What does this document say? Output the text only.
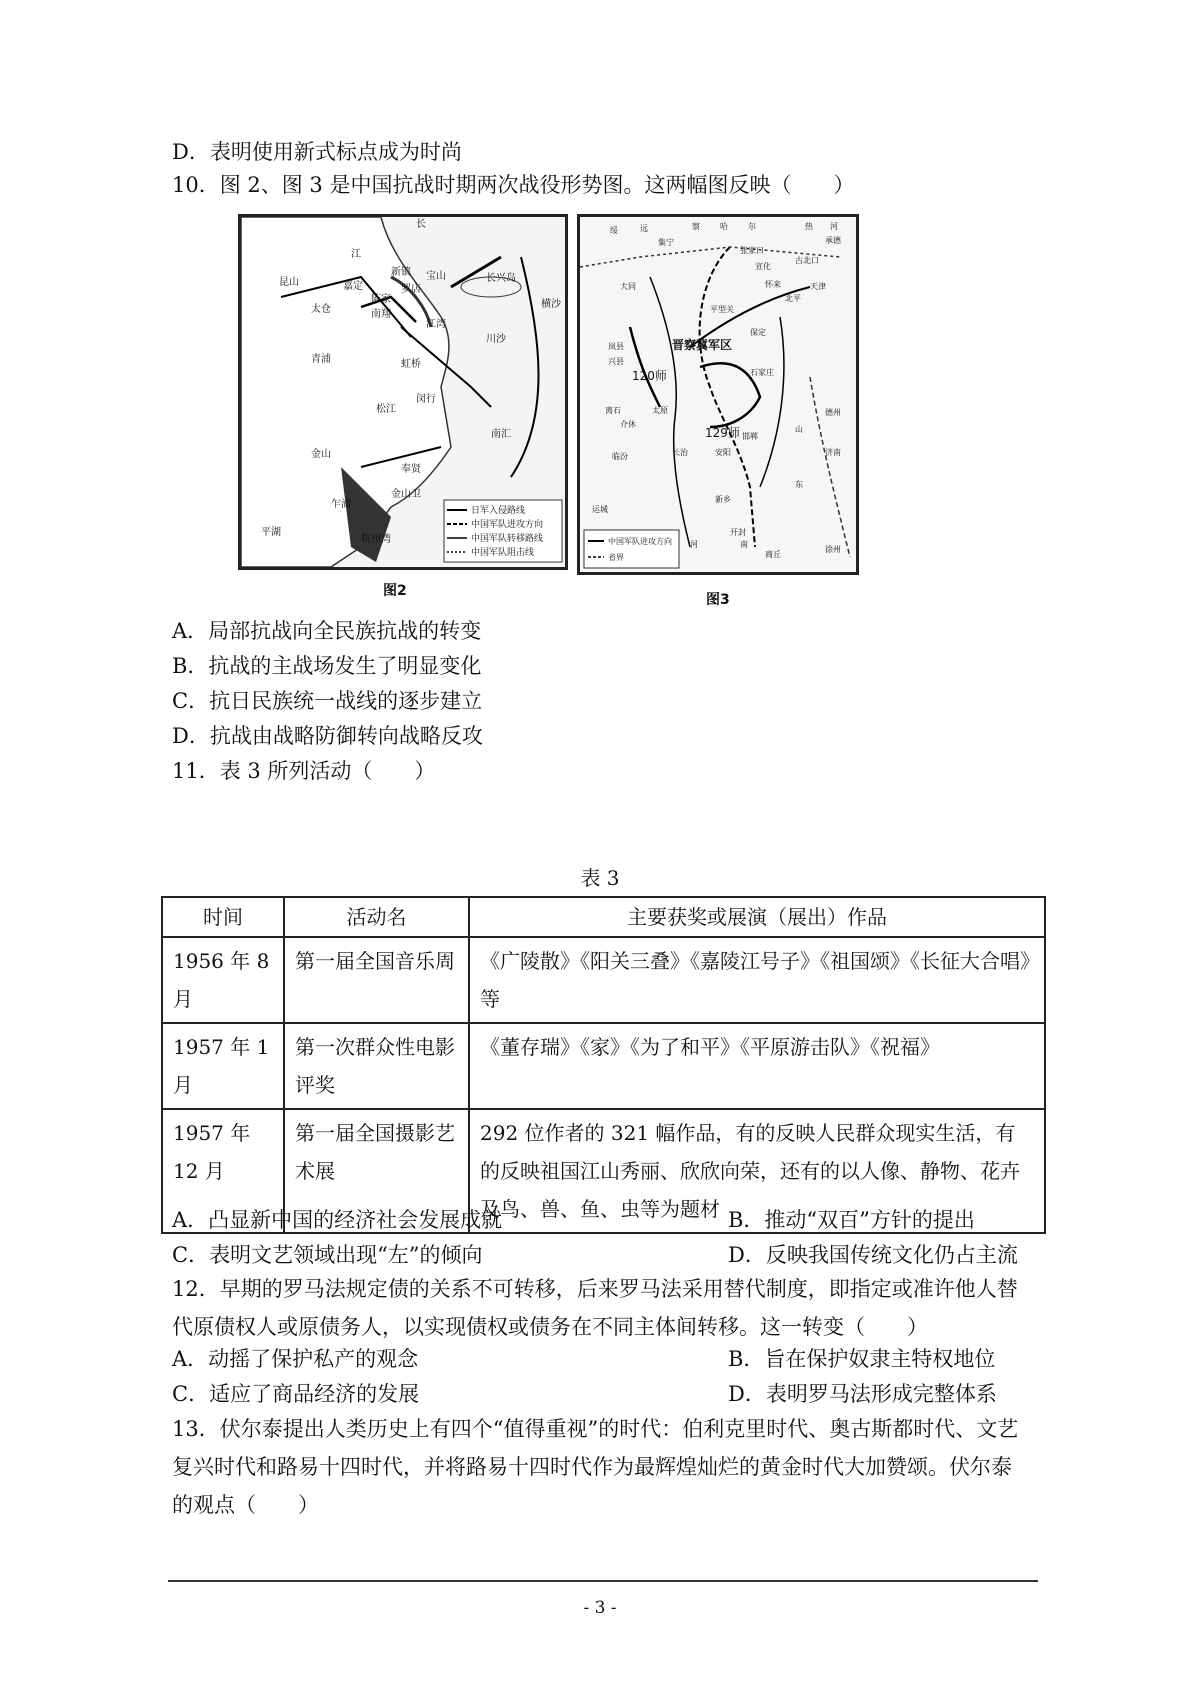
D．表明使用新式标点成为时尚
10．图 2、图 3 是中国抗战时期两次战役形势图。这两幅图反映（　　）
长
江
嘉定
新镇 宝山
昆山
陈家
罗店
太仓	南翔
长兴岛
横沙
江湾
川沙
青浦	虹桥
松江
闵行
南汇
金山
奉贤
平湖
杭州湾
乍浦
金山卫
日军入侵路线
中国军队进攻方向
中国军队转移路线
中国军队阻击线
图2
绥	远
集宁
察	哈	尔	热 河
承德
张家口
宣化
古北口
大同	怀来	天津
平型关
北平
保定
岚县
兴县
晋察冀军区
120师
129师
离石
介休
太原
石家庄
临汾	长治	安阳
邯郸
运城
新乡
开封
商丘
徐州
济南
德州
山
东
河	南
中国军队进攻方向
省界
图3
A．局部抗战向全民族抗战的转变
B．抗战的主战场发生了明显变化
C．抗日民族统一战线的逐步建立
D．抗战由战略防御转向战略反攻
11．表 3 所列活动（　　）
表 3
时间	活动名	主要获奖或展演（展出）作品
1956 年 8 月	第一届全国音乐周	《广陵散》《阳关三叠》《嘉陵江号子》《祖国颂》《长征大合唱》等
1957 年 1 月	第一次群众性电影评奖	《董存瑞》《家》《为了和平》《平原游击队》《祝福》
1957 年 12 月	第一届全国摄影艺术展	292 位作者的 321 幅作品，有的反映人民群众现实生活，有的反映祖国江山秀丽、欣欣向荣，还有的以人像、静物、花卉及鸟、兽、鱼、虫等为题材
A．凸显新中国的经济社会发展成就	B．推动“双百”方针的提出
C．表明文艺领域出现“左”的倾向	D．反映我国传统文化仍占主流
12．早期的罗马法规定债的关系不可转移，后来罗马法采用替代制度，即指定或准许他人替代原债权人或原债务人，以实现债权或债务在不同主体间转移。这一转变（　　）
A．动摇了保护私产的观念	B．旨在保护奴隶主特权地位
C．适应了商品经济的发展	D．表明罗马法形成完整体系
13．伏尔泰提出人类历史上有四个“值得重视”的时代：伯利克里时代、奥古斯都时代、文艺复兴时代和路易十四时代，并将路易十四时代作为最辉煌灿烂的黄金时代大加赞颂。伏尔泰的观点（　　）
- 3 -
